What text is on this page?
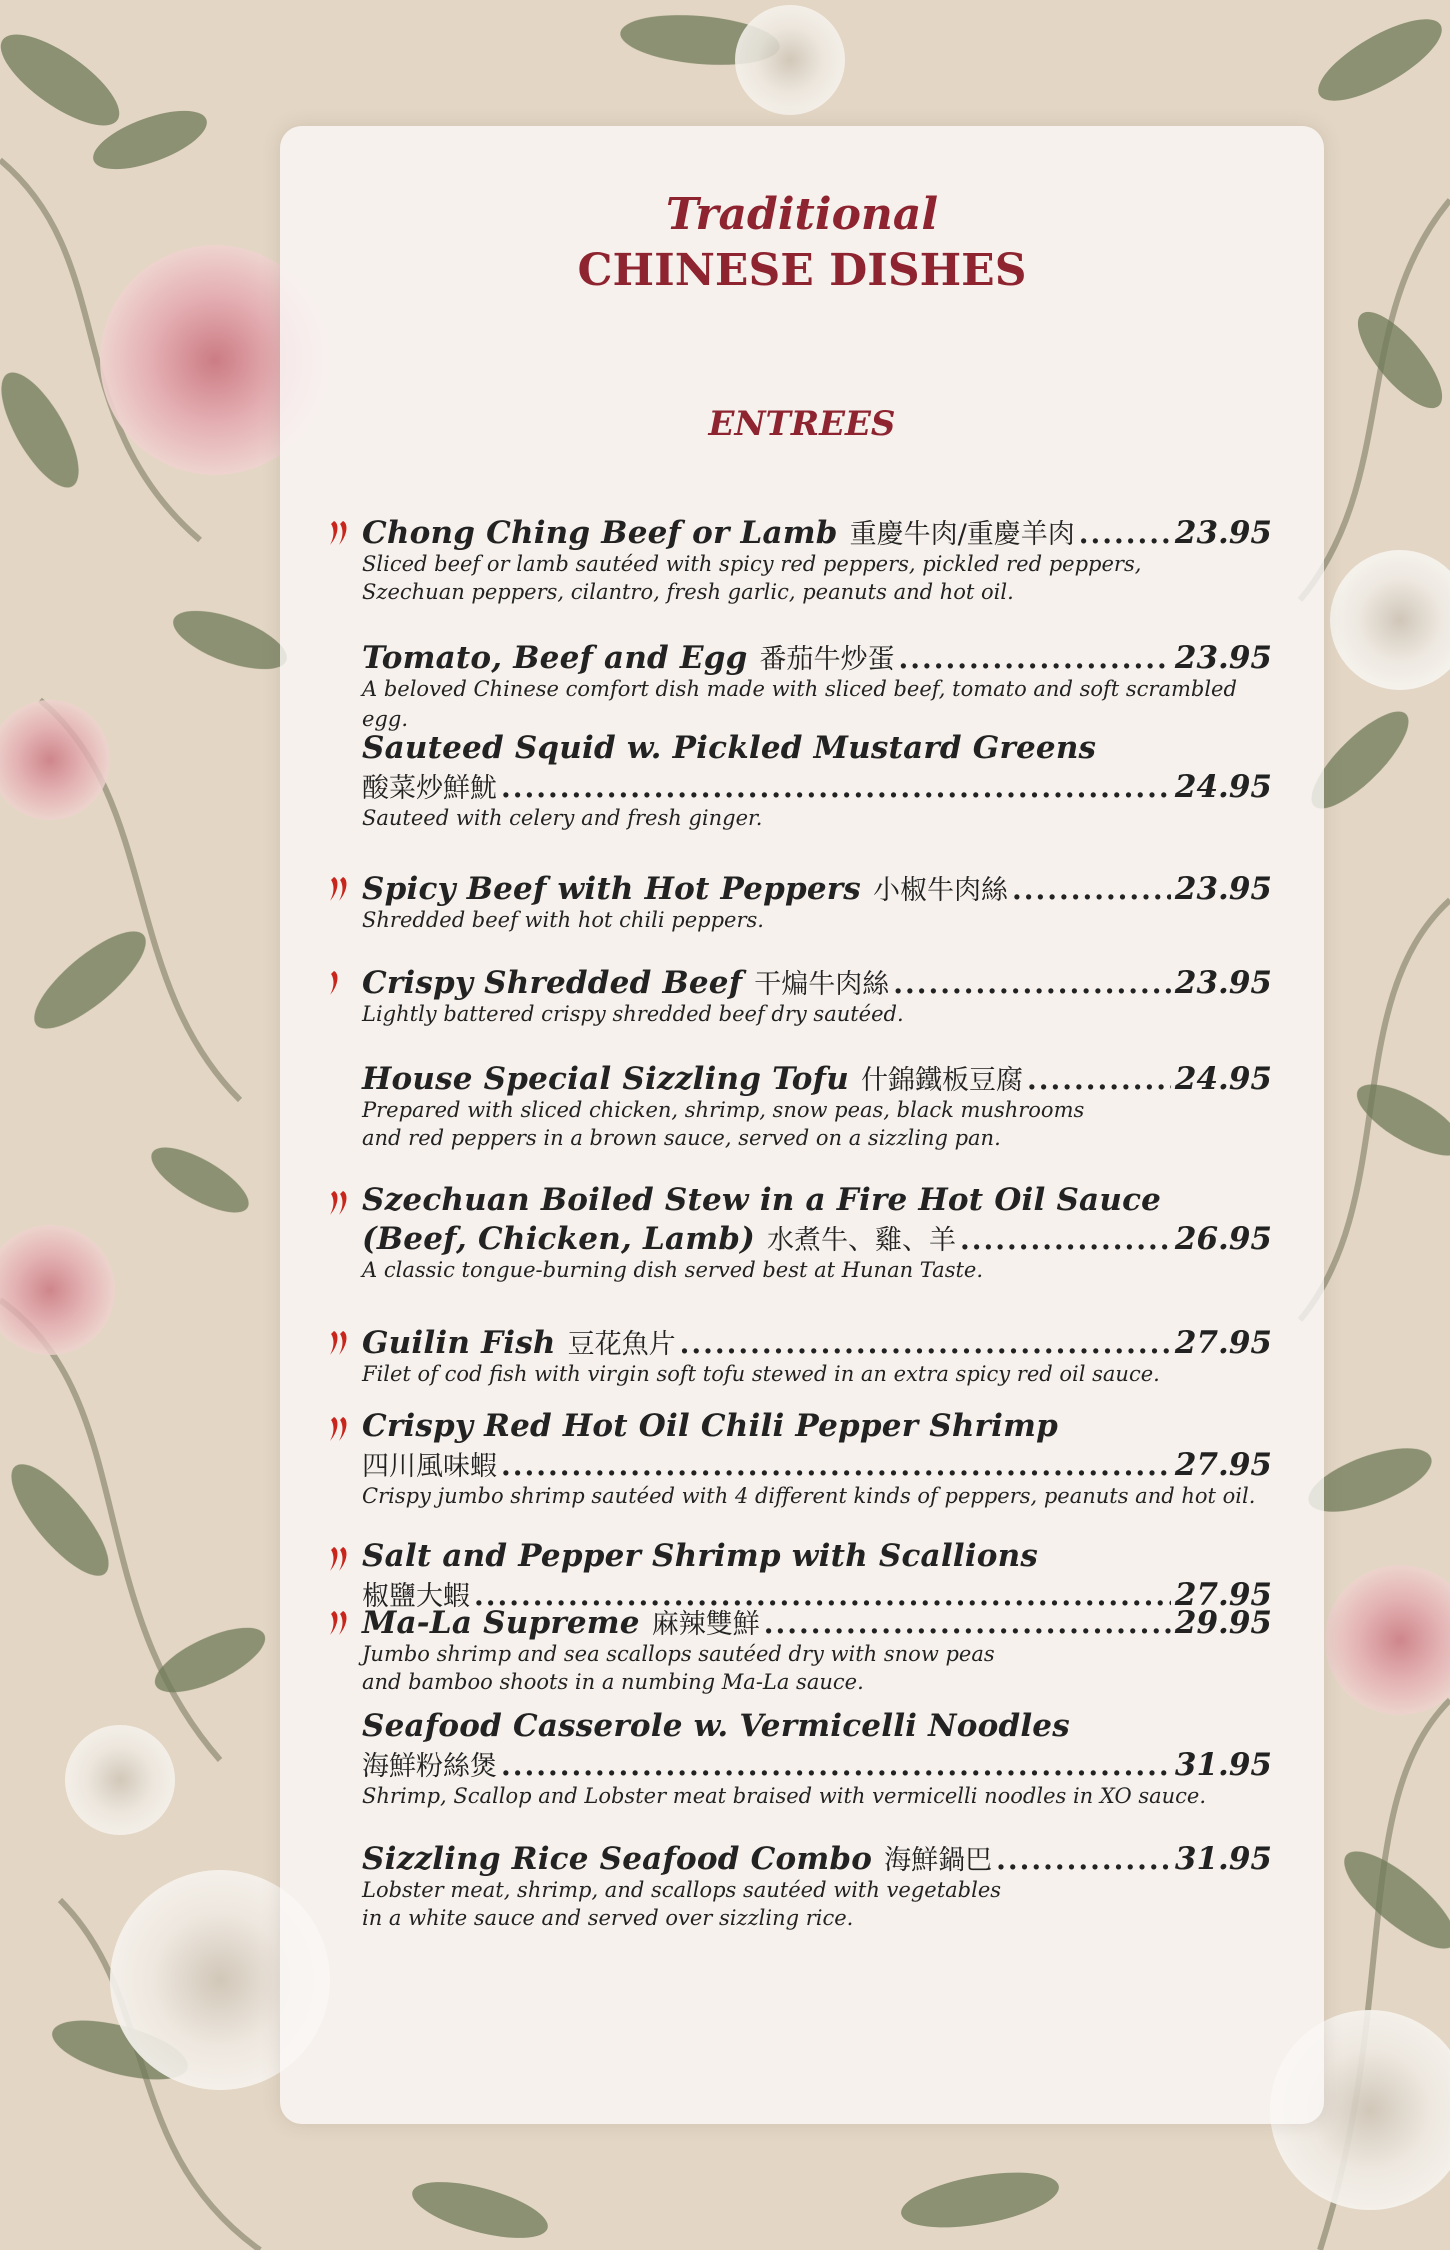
Traditional
CHINESE DISHES
ENTREES
Chong Ching Beef or Lamb 重慶牛肉/重慶羊肉 .....	23.95
Sliced beef or lamb sautéed with spicy red peppers, pickled red peppers,
Szechuan peppers, cilantro, fresh garlic, peanuts and hot oil.
Tomato, Beef and Egg 番茄牛炒蛋 .....	23.95
A beloved Chinese comfort dish made with sliced beef, tomato and soft scrambled egg.
Sauteed Squid w. Pickled Mustard Greens
酸菜炒鮮魷 .....	24.95
Sauteed with celery and fresh ginger.
Spicy Beef with Hot Peppers 小椒牛肉絲 .....	23.95
Shredded beef with hot chili peppers.
Crispy Shredded Beef 干煸牛肉絲 .....	23.95
Lightly battered crispy shredded beef dry sautéed.
House Special Sizzling Tofu 什錦鐵板豆腐 .....	24.95
Prepared with sliced chicken, shrimp, snow peas, black mushrooms
and red peppers in a brown sauce, served on a sizzling pan.
Szechuan Boiled Stew in a Fire Hot Oil Sauce
(Beef, Chicken, Lamb) 水煮牛、雞、羊 .....	26.95
A classic tongue-burning dish served best at Hunan Taste.
Guilin Fish 豆花魚片 .....	27.95
Filet of cod fish with virgin soft tofu stewed in an extra spicy red oil sauce.
Crispy Red Hot Oil Chili Pepper Shrimp
四川風味蝦 .....	27.95
Crispy jumbo shrimp sautéed with 4 different kinds of peppers, peanuts and hot oil.
Salt and Pepper Shrimp with Scallions
椒鹽大蝦 .....	27.95
Ma-La Supreme 麻辣雙鮮 .....	29.95
Jumbo shrimp and sea scallops sautéed dry with snow peas
and bamboo shoots in a numbing Ma-La sauce.
Seafood Casserole w. Vermicelli Noodles
海鮮粉絲煲 .....	31.95
Shrimp, Scallop and Lobster meat braised with vermicelli noodles in XO sauce.
Sizzling Rice Seafood Combo 海鮮鍋巴 .....	31.95
Lobster meat, shrimp, and scallops sautéed with vegetables
in a white sauce and served over sizzling rice.
